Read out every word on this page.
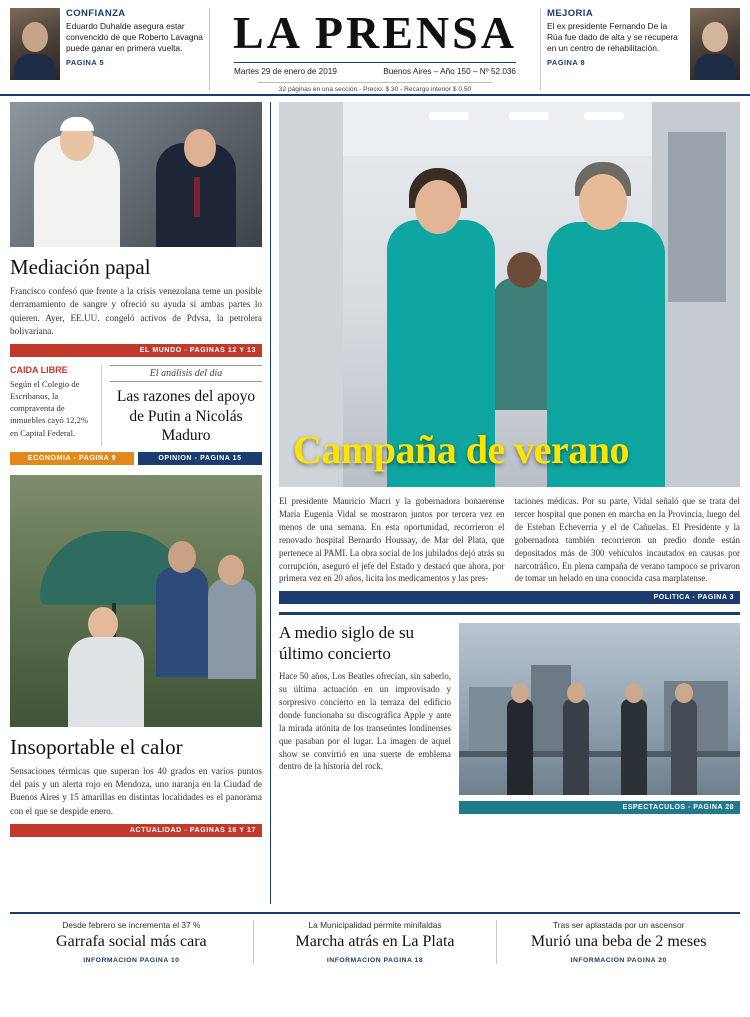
CONFIANZA
Eduardo Duhalde asegura estar convencido de que Roberto Lavagna puede ganar en primera vuelta.
PAGINA 5
LA PRENSA
Martes 29 de enero de 2019	Buenos Aires – Año 150 – Nº 52.036
32 páginas en una sección - Precio: $ 30 - Recargo interior $ 0,50
MEJORIA
El ex presidente Fernando De la Rúa fue dado de alta y se recupera en un centro de rehabilitación.
PAGINA 8
Mediación papal
Francisco confesó que frente a la crisis venezolana teme un posible derramamiento de sangre y ofreció su ayuda si ambas partes lo quieren. Ayer, EE.UU. congeló activos de Pdvsa, la petrolera bolivariana.
EL MUNDO - PAGINAS 12 Y 13
CAIDA LIBRE
Según el Colegio de Escribanos, la compraventa de inmuebles cayó 12,2% en Capital Federal.
El análisis del día
Las razones del apoyo de Putin a Nicolás Maduro
ECONOMIA - PAGINA 9	OPINION - PAGINA 15
Insoportable el calor
Sensaciones térmicas que superan los 40 grados en varios puntos del país y un alerta rojo en Mendoza, uno naranja en la Ciudad de Buenos Aires y 15 amarillas en distintas localidades es el panorama con el que se despide enero.
ACTUALIDAD - PAGINAS 16 Y 17
Campaña de verano
El presidente Mauricio Macri y la gobernadora bonaerense María Eugenia Vidal se mostraron juntos por tercera vez en menos de una semana. En esta oportunidad, recorrieron el renovado hospital Bernardo Houssay, de Mar del Plata, que pertenece al PAMI. La obra social de los jubilados dejó atrás su corrupción, aseguró el jefe del Estado y destacó que ahora, por primera vez en 20 años, licita los medicamentos y las pres-
taciones médicas. Por su parte, Vidal señaló que se trata del tercer hospital que ponen en marcha en la Provincia, luego del de Esteban Echeverría y el de Cañuelas. El Presidente y la gobernadora también recorrieron un predio donde están depositados más de 300 vehículos incautados en causas por narcotráfico. En plena campaña de verano tampoco se privaron de tomar un helado en una conocida casa marplatense.
POLITICA - PAGINA 3
A medio siglo de su último concierto

Hace 50 años, Los Beatles ofrecían, sin saberlo, su última actuación en un improvisado y sorpresivo concierto en la terraza del edificio donde funcionaba su discográfica Apple y ante la mirada atónita de los transeúntes londinenses que pasaban por el lugar. La imagen de aquel show se convirtió en una suerte de emblema dentro de la historia del rock.

ESPECTACULOS - PAGINA 28
Desde febrero se incrementa el 37 %
Garrafa social más cara
INFORMACION PAGINA 10
La Municipalidad permite minifaldas
Marcha atrás en La Plata
INFORMACION PAGINA 18
Tras ser aplastada por un ascensor
Murió una beba de 2 meses
INFORMACION PAGINA 20
